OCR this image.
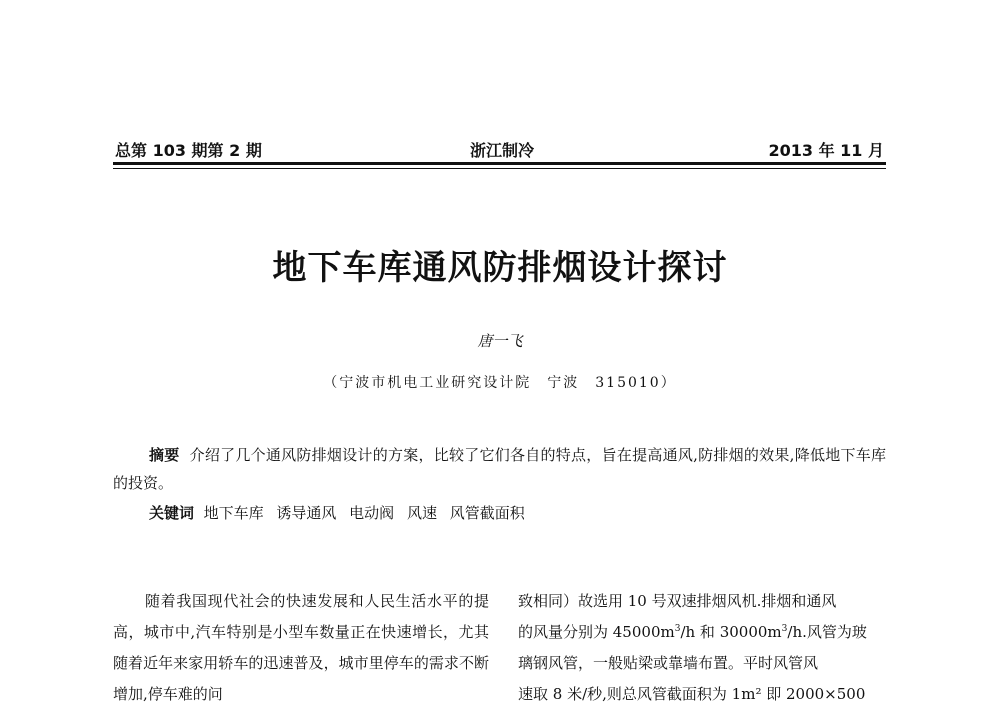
总第 103 期第 2 期	浙江制冷	2013 年 11 月
地下车库通风防排烟设计探讨
唐一飞
（宁波市机电工业研究设计院　宁波　315010）

摘要 介绍了几个通风防排烟设计的方案，比较了它们各自的特点，旨在提高通风,防排烟的效果,降低地下车库的投资。

关键词 地下车库 诱导通风 电动阀 风速 风管截面积

随着我国现代社会的快速发展和人民生活水平的提高，城市中,汽车特别是小型车数量正在快速增长，尤其随着近年来家用轿车的迅速普及，城市里停车的需求不断增加,停车难的问

致相同）故选用 10 号双速排烟风机.排烟和通风
的风量分别为 $45000m^3/h$ 和 $30000m^3/h$.风管为玻
璃钢风管，一般贴梁或靠墙布置。平时风管风
速取 8 米/秒,则总风管截面积为 1m² 即 2000×500
